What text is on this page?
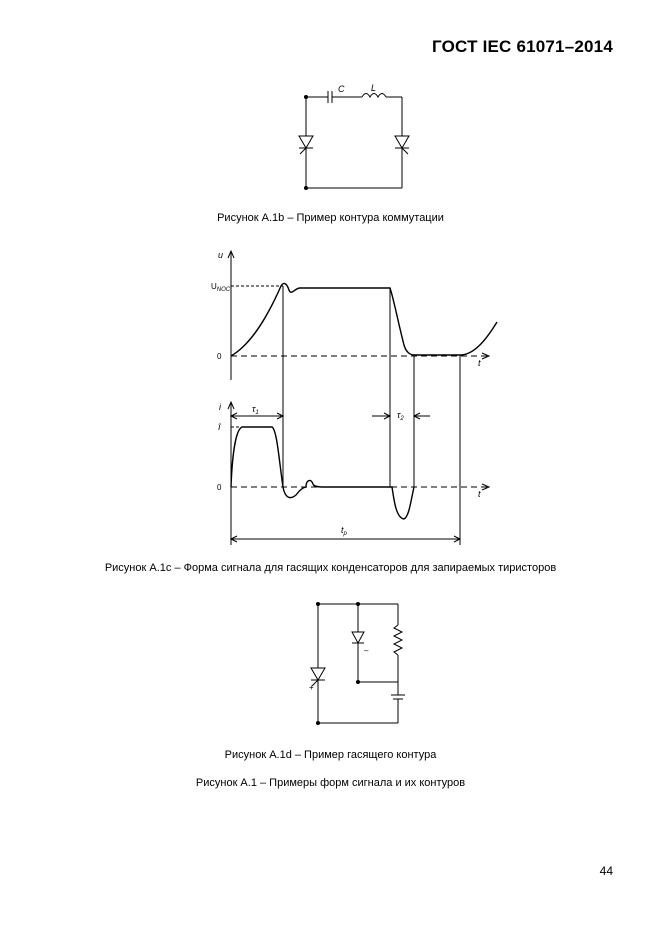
ГОСТ IEC 61071–2014
C	L
Рисунок А.1b – Пример контура коммутации
u
$U_{NOC}$
0
t
i
î
0
t
$\tau_1$	$\tau_2$
$t_p$
Рисунок А.1c – Форма сигнала для гасящих конденсаторов для запираемых тиристоров
+
–
Рисунок А.1d – Пример гасящего контура
Рисунок А.1 – Примеры форм сигнала и их контуров
44
